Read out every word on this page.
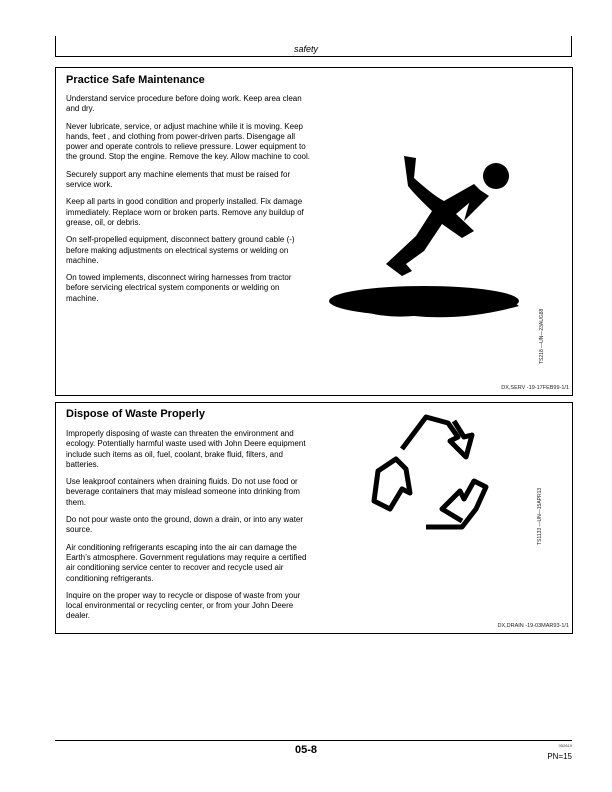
safety
Practice Safe Maintenance

Understand service procedure before doing work. Keep area clean and dry.

Never lubricate, service, or adjust machine while it is moving. Keep hands, feet , and clothing from power-driven parts. Disengage all power and operate controls to relieve pressure. Lower equipment to the ground. Stop the engine. Remove the key. Allow machine to cool.

Securely support any machine elements that must be raised for service work.

Keep all parts in good condition and properly installed. Fix damage immediately. Replace worn or broken parts. Remove any buildup of grease, oil, or debris.

On self-propelled equipment, disconnect battery ground cable (-) before making adjustments on electrical systems or welding on machine.

On towed implements, disconnect wiring harnesses from tractor before servicing electrical system components or welding on machine.

TS218 —UN—23AUG88
DX,SERV -19-17FEB99-1/1
Dispose of Waste Properly

Improperly disposing of waste can threaten the environment and ecology. Potentially harmful waste used with John Deere equipment include such items as oil, fuel, coolant, brake fluid, filters, and batteries.

Use leakproof containers when draining fluids. Do not use food or beverage containers that may mislead someone into drinking from them.

Do not pour waste onto the ground, down a drain, or into any water source.

Air conditioning refrigerants escaping into the air can damage the Earth’s atmosphere. Government regulations may require a certified air conditioning service center to recover and recycle used air conditioning refrigerants.

Inquire on the proper way to recycle or dispose of waste from your local environmental or recycling center, or from your John Deere dealer.

TS1133 —UN—15APR13
DX,DRAIN -19-03MAR93-1/1
05-8	052619
PN=15
